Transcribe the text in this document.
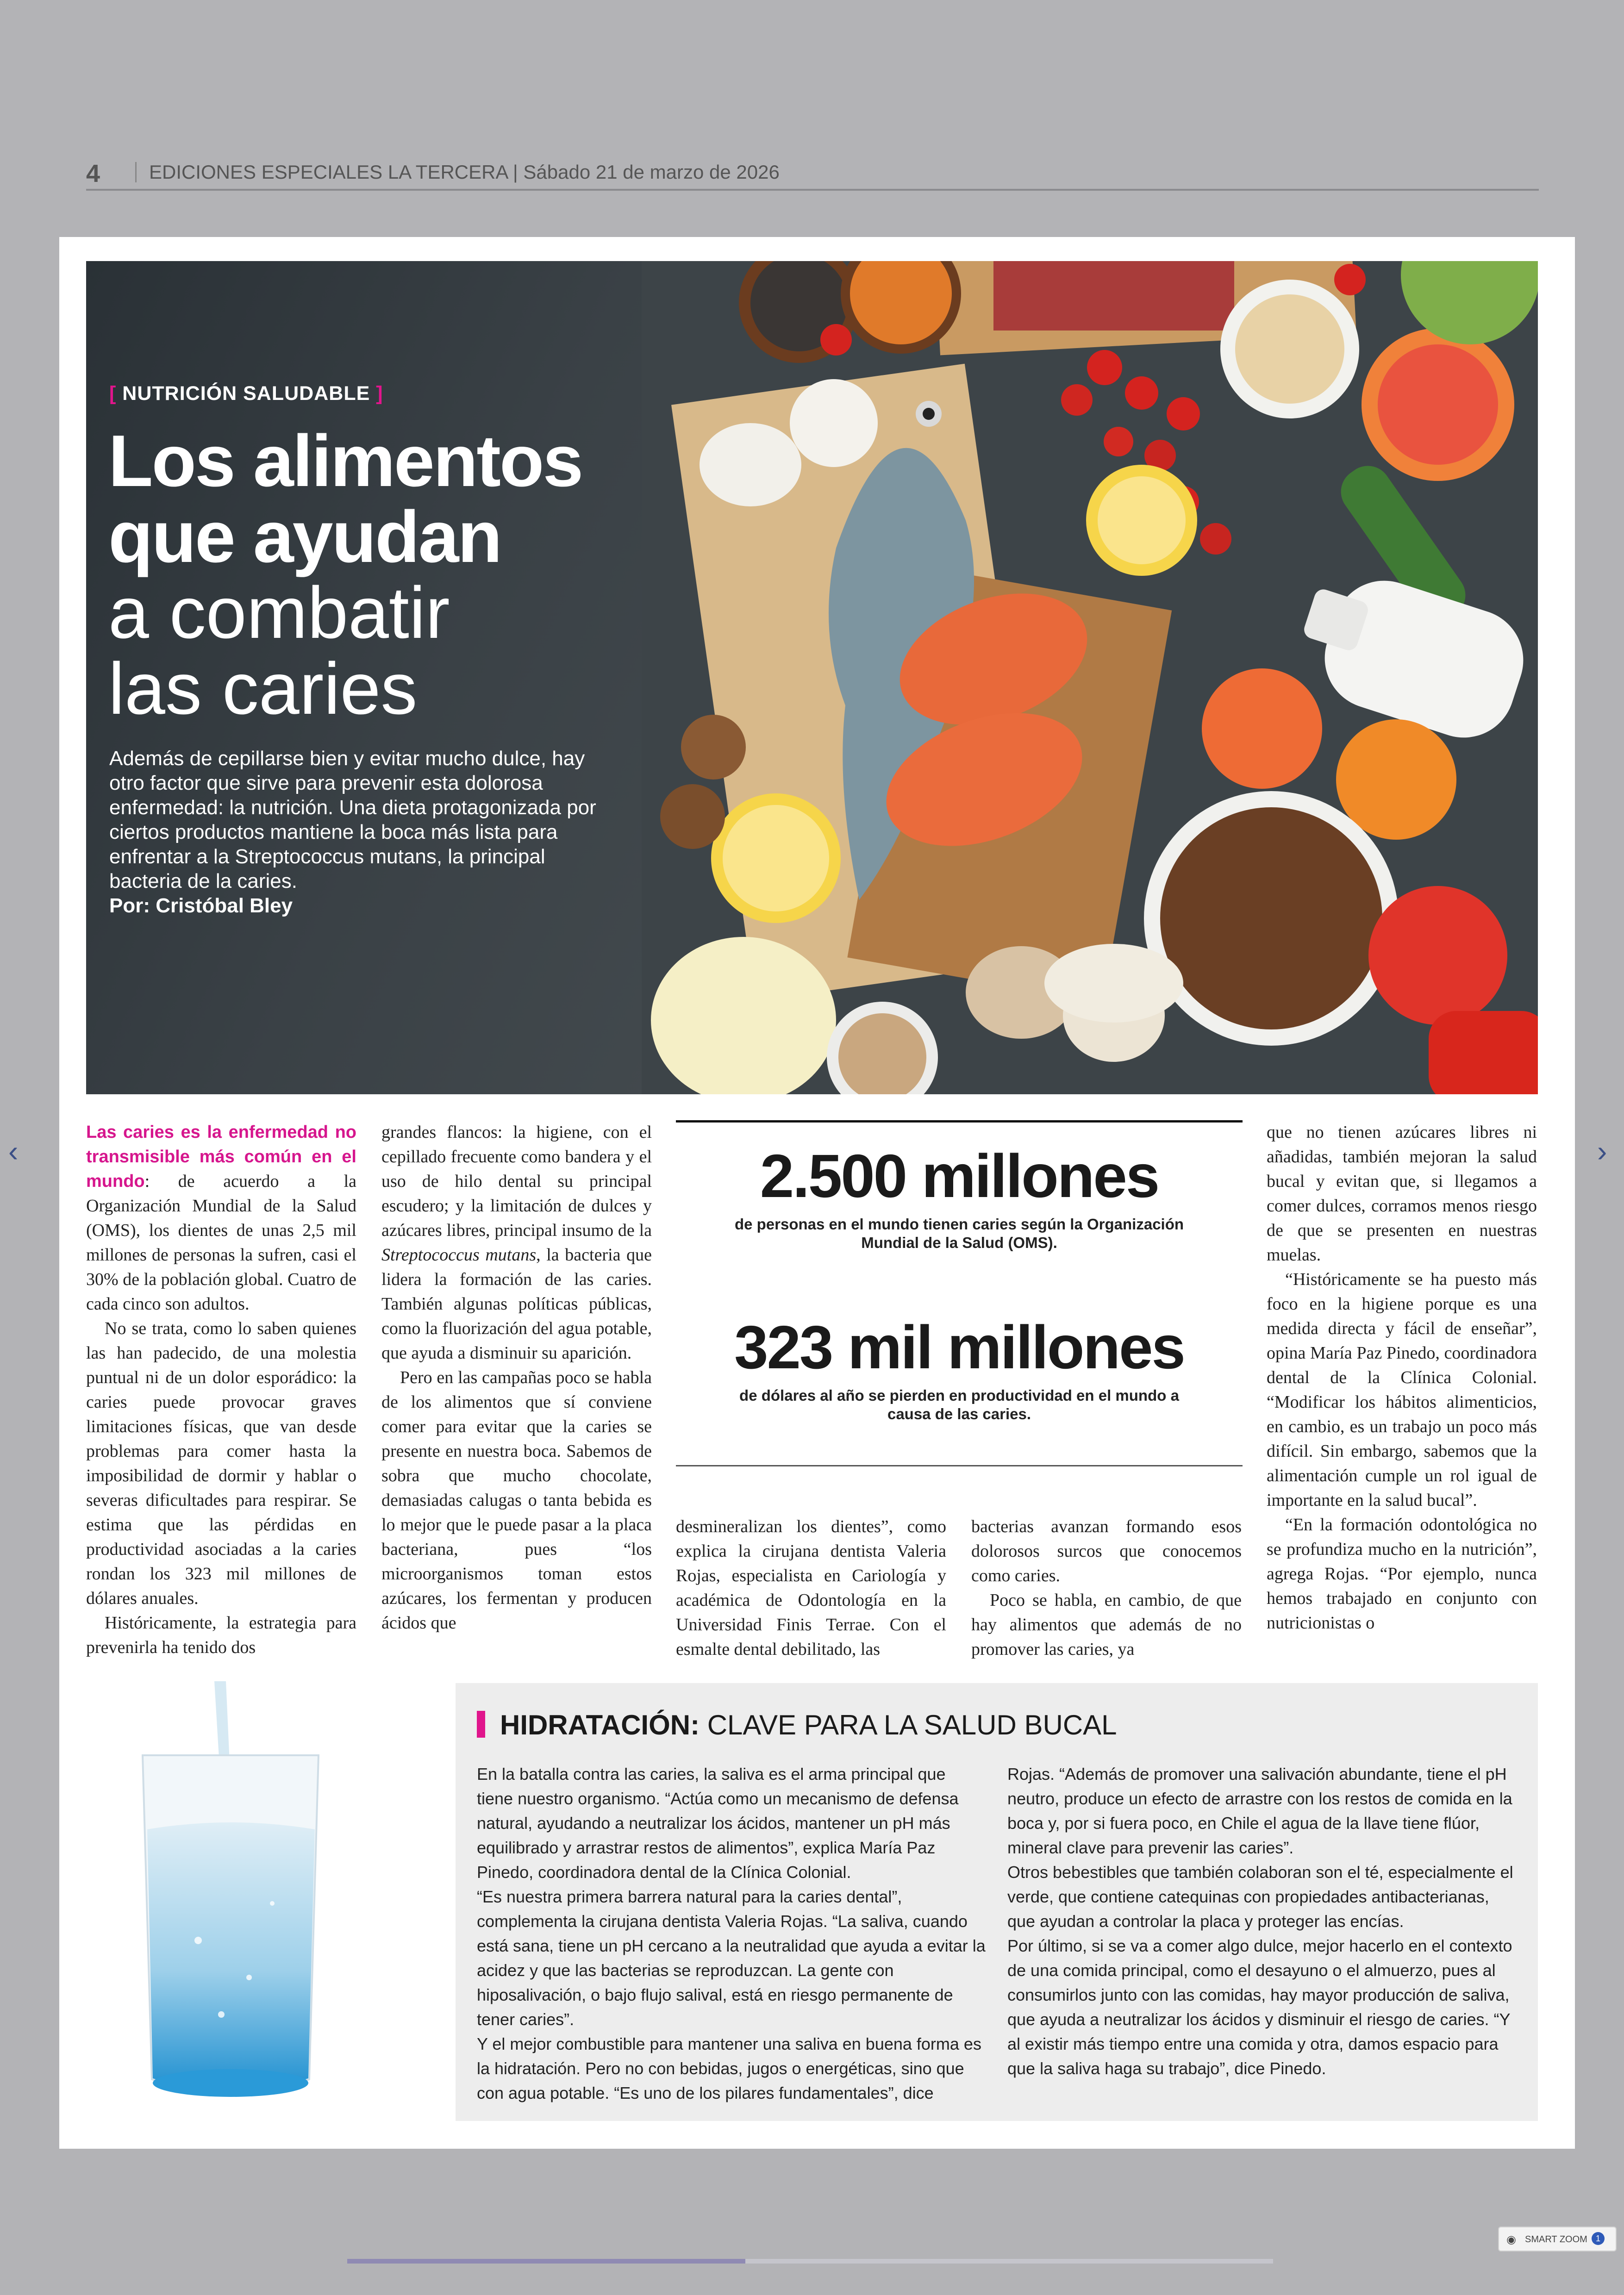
4	EDICIONES ESPECIALES LA TERCERA | Sábado 21 de marzo de 2026
‹	›
[ NUTRICIÓN SALUDABLE ]
Los alimentos
que ayudan
a combatir
las caries
Además de cepillarse bien y evitar mucho dulce, hay otro factor que sirve para prevenir esta dolorosa enfermedad: la nutrición. Una dieta protagonizada por ciertos productos mantiene la boca más lista para enfrentar a la Streptococcus mutans, la principal bacteria de la caries.
Por: Cristóbal Bley

Las caries es la enfermedad no transmisible más común en el mundo: de acuerdo a la Organización Mundial de la Salud (OMS), los dientes de unas 2,5 mil millones de personas la sufren, casi el 30% de la población global. Cuatro de cada cinco son adultos.

No se trata, como lo saben quienes las han padecido, de una molestia puntual ni de un dolor esporádico: la caries puede provocar graves limitaciones físicas, que van desde problemas para comer hasta la imposibilidad de dormir y hablar o severas dificultades para respirar. Se estima que las pérdidas en productividad asociadas a la caries rondan los 323 mil millones de dólares anuales.

Históricamente, la estrategia para prevenirla ha tenido dos

grandes flancos: la higiene, con el cepillado frecuente como bandera y el uso de hilo dental su principal escudero; y la limitación de dulces y azúcares libres, principal insumo de la Streptococcus mutans, la bacteria que lidera la formación de las caries. También algunas políticas públicas, como la fluorización del agua potable, que ayuda a disminuir su aparición.

Pero en las campañas poco se habla de los alimentos que sí conviene comer para evitar que la caries se presente en nuestra boca. Sabemos de sobra que mucho chocolate, demasiadas calugas o tanta bebida es lo mejor que le puede pasar a la placa bacteriana, pues “los microorganismos toman estos azúcares, los fermentan y producen ácidos que

2.500 millones
de personas en el mundo tienen caries según la Organización Mundial de la Salud (OMS).
323 mil millones
de dólares al año se pierden en productividad en el mundo a causa de las caries.

desmineralizan los dientes”, como explica la cirujana dentista Valeria Rojas, especialista en Cariología y académica de Odontología en la Universidad Finis Terrae. Con el esmalte dental debilitado, las

bacterias avanzan formando esos dolorosos surcos que conocemos como caries.

Poco se habla, en cambio, de que hay alimentos que además de no promover las caries, ya

que no tienen azúcares libres ni añadidas, también mejoran la salud bucal y evitan que, si llegamos a comer dulces, corramos menos riesgo de que se presenten en nuestras muelas.

“Históricamente se ha puesto más foco en la higiene porque es una medida directa y fácil de enseñar”, opina María Paz Pinedo, coordinadora dental de la Clínica Colonial. “Modificar los hábitos alimenticios, en cambio, es un trabajo un poco más difícil. Sin embargo, sabemos que la alimentación cumple un rol igual de importante en la salud bucal”.

“En la formación odontológica no se profundiza mucho en la nutrición”, agrega Rojas. “Por ejemplo, nunca hemos trabajado en conjunto con nutricionistas o

HIDRATACIÓN: CLAVE PARA LA SALUD BUCAL

En la batalla contra las caries, la saliva es el arma principal que tiene nuestro organismo. “Actúa como un mecanismo de defensa natural, ayudando a neutralizar los ácidos, mantener un pH más equilibrado y arrastrar restos de alimentos”, explica María Paz Pinedo, coordinadora dental de la Clínica Colonial.

“Es nuestra primera barrera natural para la caries dental”, complementa la cirujana dentista Valeria Rojas. “La saliva, cuando está sana, tiene un pH cercano a la neutralidad que ayuda a evitar la acidez y que las bacterias se reproduzcan. La gente con hiposalivación, o bajo flujo salival, está en riesgo permanente de tener caries”.

Y el mejor combustible para mantener una saliva en buena forma es la hidratación. Pero no con bebidas, jugos o energéticas, sino que con agua potable. “Es uno de los pilares fundamentales”, dice

Rojas. “Además de promover una salivación abundante, tiene el pH neutro, produce un efecto de arrastre con los restos de comida en la boca y, por si fuera poco, en Chile el agua de la llave tiene flúor, mineral clave para prevenir las caries”.

Otros bebestibles que también colaboran son el té, especialmente el verde, que contiene catequinas con propiedades antibacterianas, que ayudan a controlar la placa y proteger las encías.

Por último, si se va a comer algo dulce, mejor hacerlo en el contexto de una comida principal, como el desayuno o el almuerzo, pues al consumirlos junto con las comidas, hay mayor producción de saliva, que ayuda a neutralizar los ácidos y disminuir el riesgo de caries. “Y al existir más tiempo entre una comida y otra, damos espacio para que la saliva haga su trabajo”, dice Pinedo.

◉ SMART ZOOM	1
